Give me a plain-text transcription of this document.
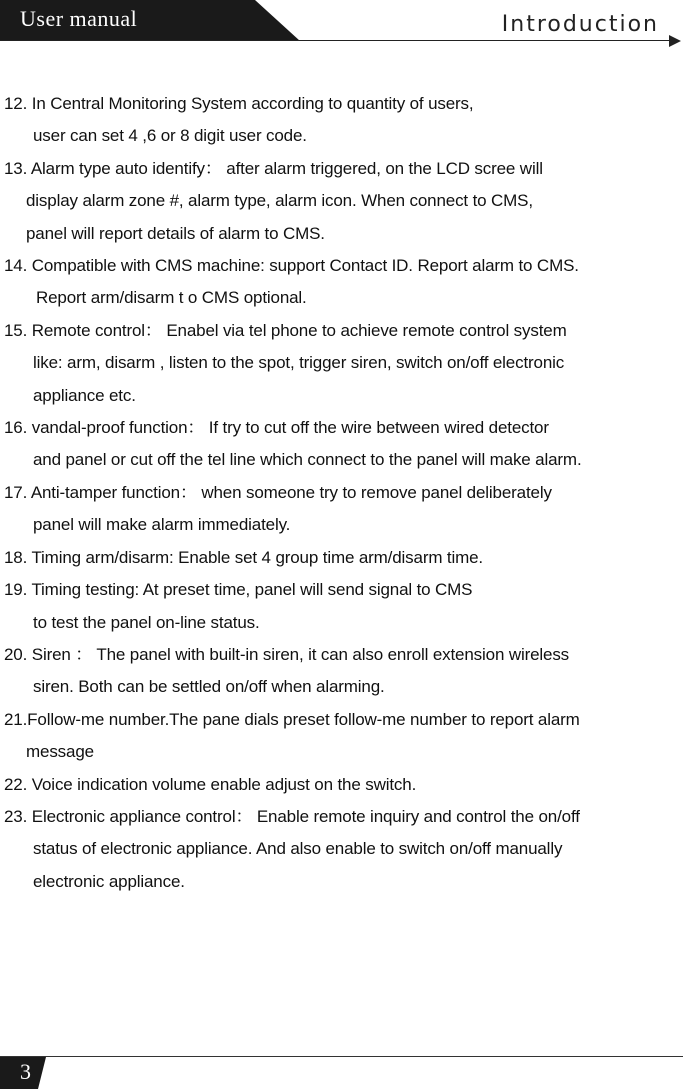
User manual	Introduction
12. In Central Monitoring System according to quantity of users,
user can set 4 ,6 or 8 digit user code.
13. Alarm type auto identify： after alarm triggered, on the LCD scree will
display alarm zone #, alarm type, alarm icon. When connect to CMS,
panel will report details of alarm to CMS.
14. Compatible with CMS machine: support Contact ID. Report alarm to CMS.
Report arm/disarm t o CMS optional.
15. Remote control： Enabel via tel phone to achieve remote control system
like: arm, disarm , listen to the spot, trigger siren, switch on/off electronic
appliance etc.
16. vandal-proof function： If try to cut off the wire between wired detector
and panel or cut off the tel line which connect to the panel will make alarm.
17. Anti-tamper function： when someone try to remove panel deliberately
panel will make alarm immediately.
18. Timing arm/disarm: Enable set 4 group time arm/disarm time.
19. Timing testing: At preset time, panel will send signal to CMS
to test the panel on-line status.
20. Siren ： The panel with built-in siren, it can also enroll extension wireless
siren. Both can be settled on/off when alarming.
21.Follow-me number.The pane dials preset follow-me number to report alarm
message
22. Voice indication volume enable adjust on the switch.
23. Electronic appliance control： Enable remote inquiry and control the on/off
status of electronic appliance. And also enable to switch on/off manually
electronic appliance.
3
